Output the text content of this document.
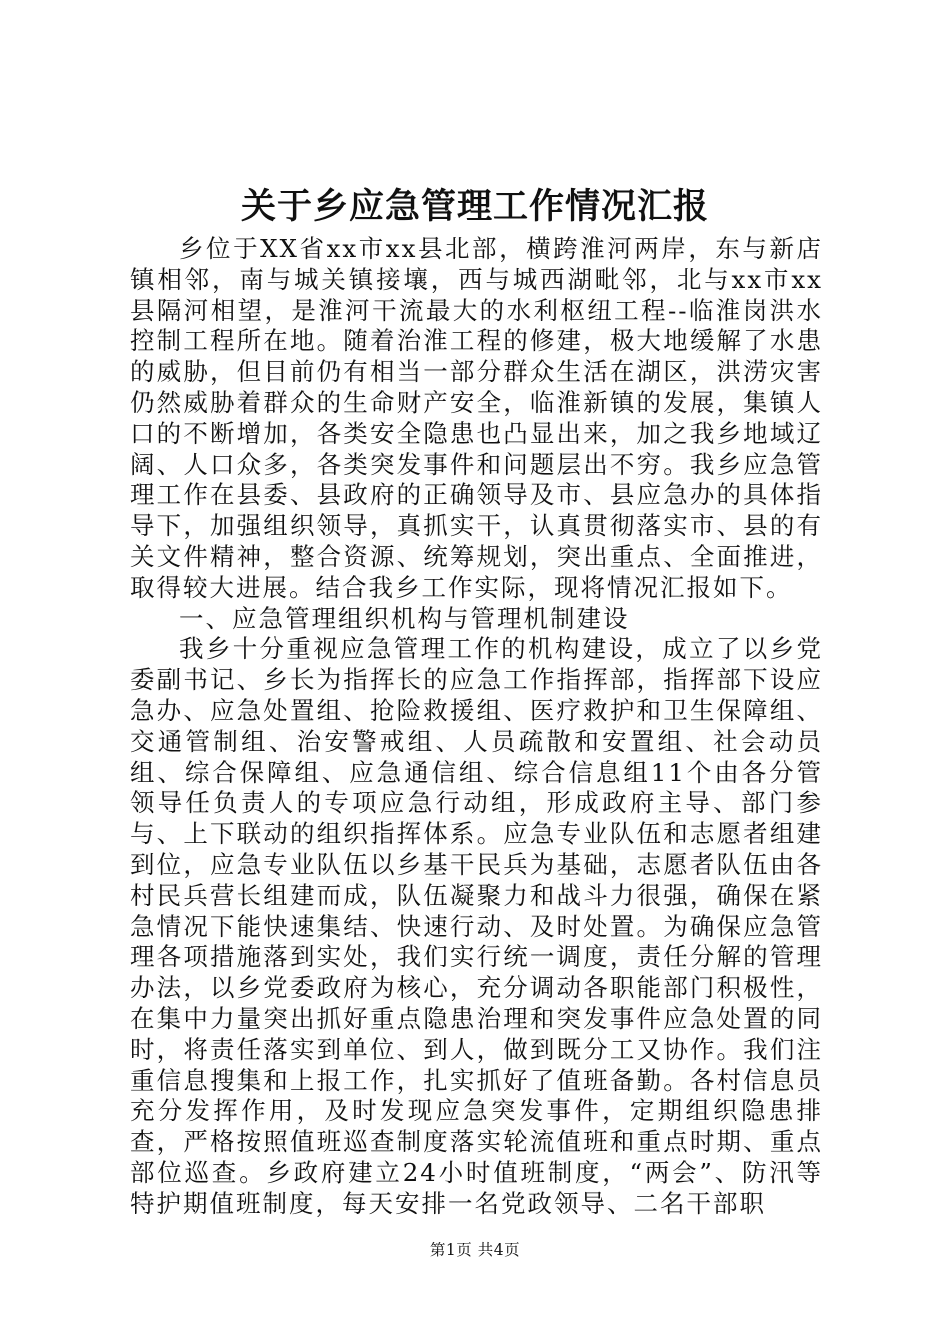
关于乡应急管理工作情况汇报

乡位于XX省xx市xx县北部，横跨淮河两岸，东与新店镇相邻，南与城关镇接壤，西与城西湖毗邻，北与xx市xx县隔河相望，是淮河干流最大的水利枢纽工程--临淮岗洪水控制工程所在地。随着治淮工程的修建，极大地缓解了水患的威胁，但目前仍有相当一部分群众生活在湖区，洪涝灾害仍然威胁着群众的生命财产安全，临淮新镇的发展，集镇人口的不断增加，各类安全隐患也凸显出来，加之我乡地域辽阔、人口众多，各类突发事件和问题层出不穷。我乡应急管理工作在县委、县政府的正确领导及市、县应急办的具体指导下，加强组织领导，真抓实干，认真贯彻落实市、县的有关文件精神，整合资源、统筹规划，突出重点、全面推进，取得较大进展。结合我乡工作实际，现将情况汇报如下。

一、应急管理组织机构与管理机制建设

我乡十分重视应急管理工作的机构建设，成立了以乡党委副书记、乡长为指挥长的应急工作指挥部，指挥部下设应急办、应急处置组、抢险救援组、医疗救护和卫生保障组、交通管制组、治安警戒组、人员疏散和安置组、社会动员组、综合保障组、应急通信组、综合信息组11个由各分管领导任负责人的专项应急行动组，形成政府主导、部门参与、上下联动的组织指挥体系。应急专业队伍和志愿者组建到位，应急专业队伍以乡基干民兵为基础，志愿者队伍由各村民兵营长组建而成，队伍凝聚力和战斗力很强，确保在紧急情况下能快速集结、快速行动、及时处置。为确保应急管理各项措施落到实处，我们实行统一调度，责任分解的管理办法，以乡党委政府为核心，充分调动各职能部门积极性，在集中力量突出抓好重点隐患治理和突发事件应急处置的同时，将责任落实到单位、到人，做到既分工又协作。我们注重信息搜集和上报工作，扎实抓好了值班备勤。各村信息员充分发挥作用，及时发现应急突发事件，定期组织隐患排查，严格按照值班巡查制度落实轮流值班和重点时期、重点部位巡查。乡政府建立24小时值班制度，“两会”、防汛等特护期值班制度，每天安排一名党政领导、二名干部职

第1页 共4页
